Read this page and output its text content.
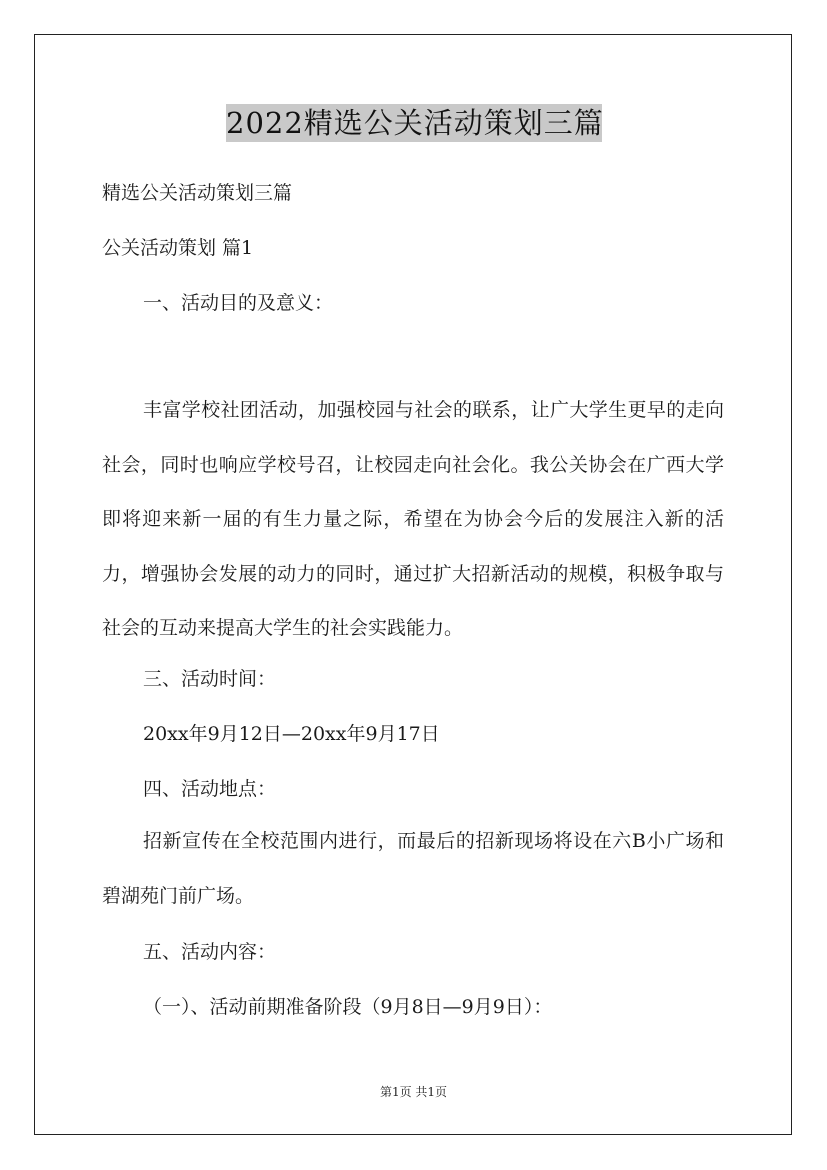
2022精选公关活动策划三篇
精选公关活动策划三篇
公关活动策划 篇1
一、活动目的及意义：
丰富学校社团活动，加强校园与社会的联系，让广大学生更早的走向社会，同时也响应学校号召，让校园走向社会化。我公关协会在广西大学即将迎来新一届的有生力量之际，希望在为协会今后的发展注入新的活力，增强协会发展的动力的同时，通过扩大招新活动的规模，积极争取与社会的互动来提高大学生的社会实践能力。
三、活动时间：
20xx年9月12日—20xx年9月17日
四、活动地点：
招新宣传在全校范围内进行，而最后的招新现场将设在六B小广场和碧湖苑门前广场。
五、活动内容：
（一）、活动前期准备阶段（9月8日—9月9日）：
第1页 共1页
